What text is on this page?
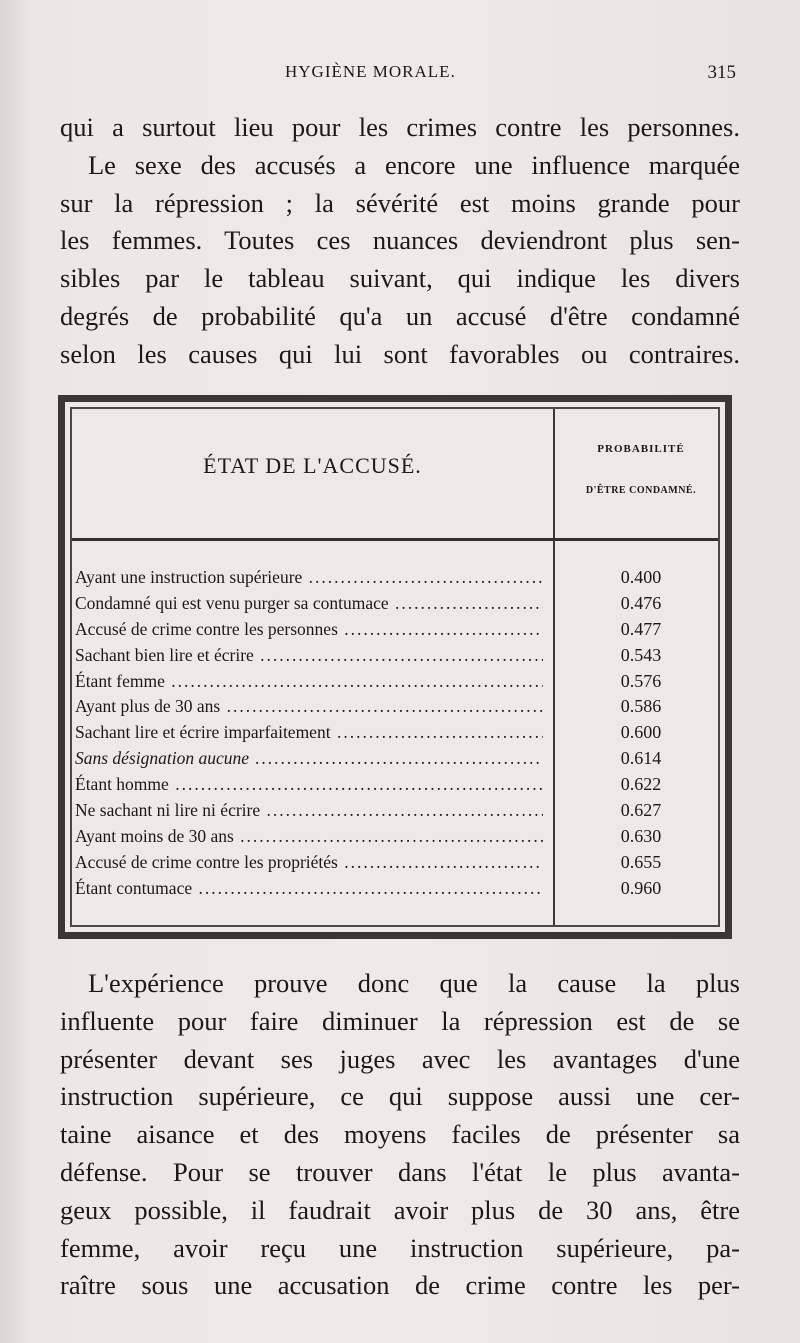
HYGIÈNE MORALE.	315
qui a surtout lieu pour les crimes contre les personnes.
Le sexe des accusés a encore une influence marquée
sur la répression ; la sévérité est moins grande pour
les femmes. Toutes ces nuances deviendront plus sen-
sibles par le tableau suivant, qui indique les divers
degrés de probabilité qu'a un accusé d'être condamné
selon les causes qui lui sont favorables ou contraires.
ÉTAT DE L'ACCUSÉ.
PROBABILITÉ
D'ÊTRE CONDAMNÉ.
Ayant une instruction supérieure .....	0.400
Condamné qui est venu purger sa contumace .....	0.476
Accusé de crime contre les personnes .....	0.477
Sachant bien lire et écrire .....	0.543
Étant femme .....	0.576
Ayant plus de 30 ans .....	0.586
Sachant lire et écrire imparfaitement .....	0.600
Sans désignation aucune .....	0.614
Étant homme .....	0.622
Ne sachant ni lire ni écrire .....	0.627
Ayant moins de 30 ans .....	0.630
Accusé de crime contre les propriétés .....	0.655
Étant contumace .....	0.960
L'expérience prouve donc que la cause la plus
influente pour faire diminuer la répression est de se
présenter devant ses juges avec les avantages d'une
instruction supérieure, ce qui suppose aussi une cer-
taine aisance et des moyens faciles de présenter sa
défense. Pour se trouver dans l'état le plus avanta-
geux possible, il faudrait avoir plus de 30 ans, être
femme, avoir reçu une instruction supérieure, pa-
raître sous une accusation de crime contre les per-
